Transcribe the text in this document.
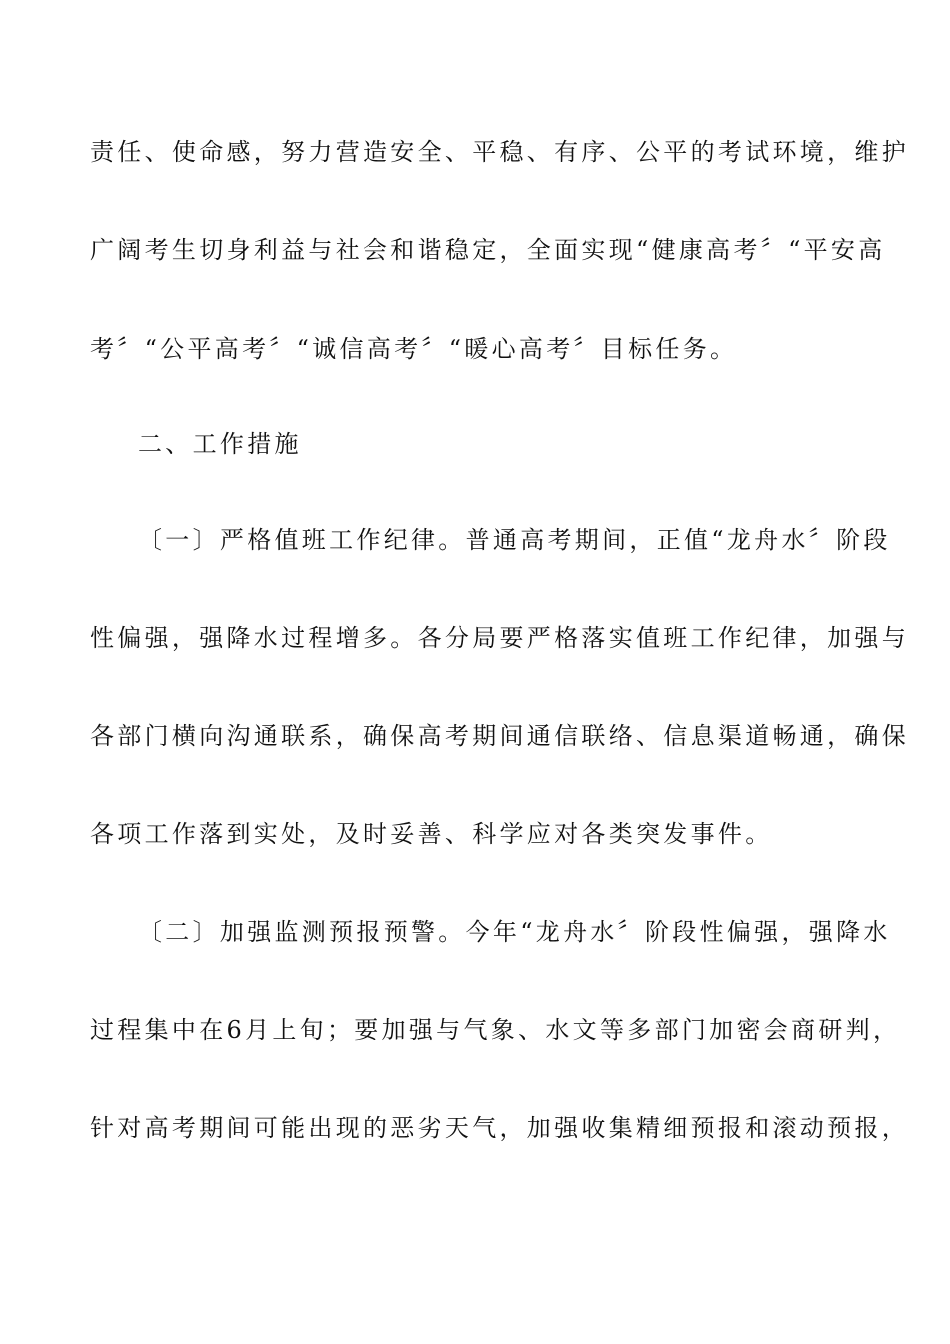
责任、使命感，努力营造安全、平稳、有序、公平的考试环境，维护
广阔考生切身利益与社会和谐稳定，全面实现“健康高考〞“平安高
考〞“公平高考〞“诚信高考〞“暖心高考〞目标任务。
二、工作措施
〔一〕严格值班工作纪律。普通高考期间，正值“龙舟水〞阶段
性偏强，强降水过程增多。各分局要严格落实值班工作纪律，加强与
各部门横向沟通联系，确保高考期间通信联络、信息渠道畅通，确保
各项工作落到实处，及时妥善、科学应对各类突发事件。
〔二〕加强监测预报预警。今年“龙舟水〞阶段性偏强，强降水
过程集中在6月上旬；要加强与气象、水文等多部门加密会商研判，
针对高考期间可能出现的恶劣天气，加强收集精细预报和滚动预报，
